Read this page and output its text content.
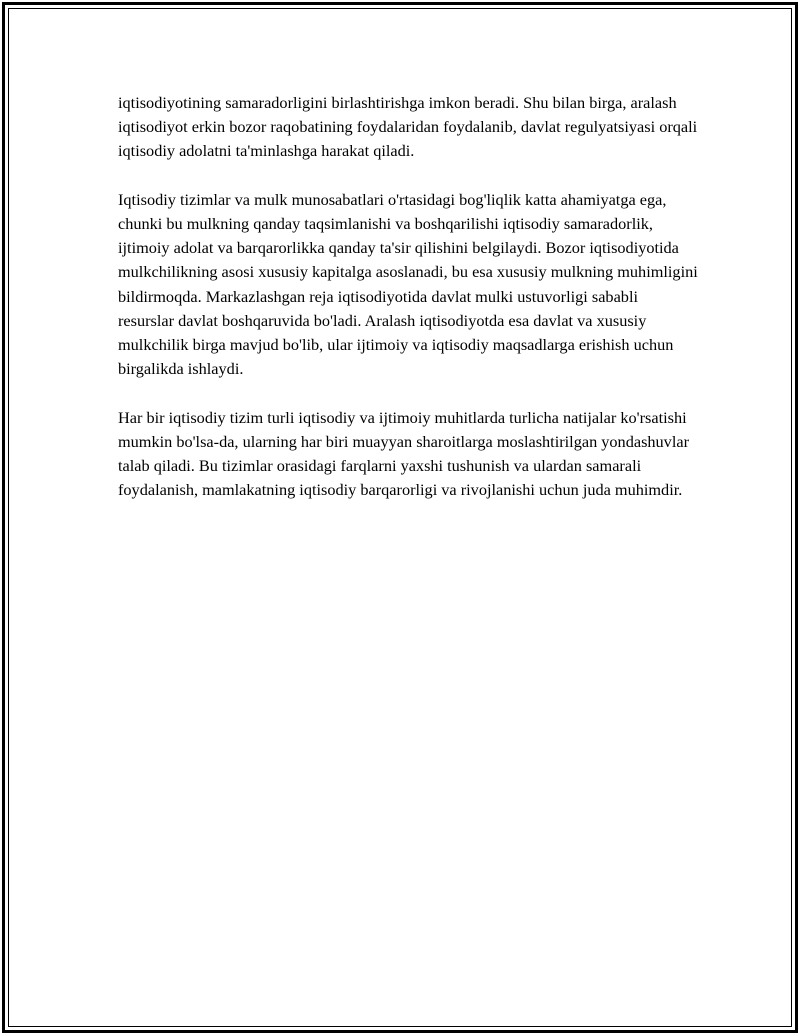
iqtisodiyotining samaradorligini birlashtirishga imkon beradi. Shu bilan birga, aralash iqtisodiyot erkin bozor raqobatining foydalaridan foydalanib, davlat regulyatsiyasi orqali iqtisodiy adolatni ta'minlashga harakat qiladi.

Iqtisodiy tizimlar va mulk munosabatlari o'rtasidagi bog'liqlik katta ahamiyatga ega, chunki bu mulkning qanday taqsimlanishi va boshqarilishi iqtisodiy samaradorlik, ijtimoiy adolat va barqarorlikka qanday ta'sir qilishini belgilaydi. Bozor iqtisodiyotida mulkchilikning asosi xususiy kapitalga asoslanadi, bu esa xususiy mulkning muhimligini bildirmoqda. Markazlashgan reja iqtisodiyotida davlat mulki ustuvorligi sababli resurslar davlat boshqaruvida bo'ladi. Aralash iqtisodiyotda esa davlat va xususiy mulkchilik birga mavjud bo'lib, ular ijtimoiy va iqtisodiy maqsadlarga erishish uchun birgalikda ishlaydi.

Har bir iqtisodiy tizim turli iqtisodiy va ijtimoiy muhitlarda turlicha natijalar ko'rsatishi mumkin bo'lsa-da, ularning har biri muayyan sharoitlarga moslashtirilgan yondashuvlar talab qiladi. Bu tizimlar orasidagi farqlarni yaxshi tushunish va ulardan samarali foydalanish, mamlakatning iqtisodiy barqarorligi va rivojlanishi uchun juda muhimdir.
